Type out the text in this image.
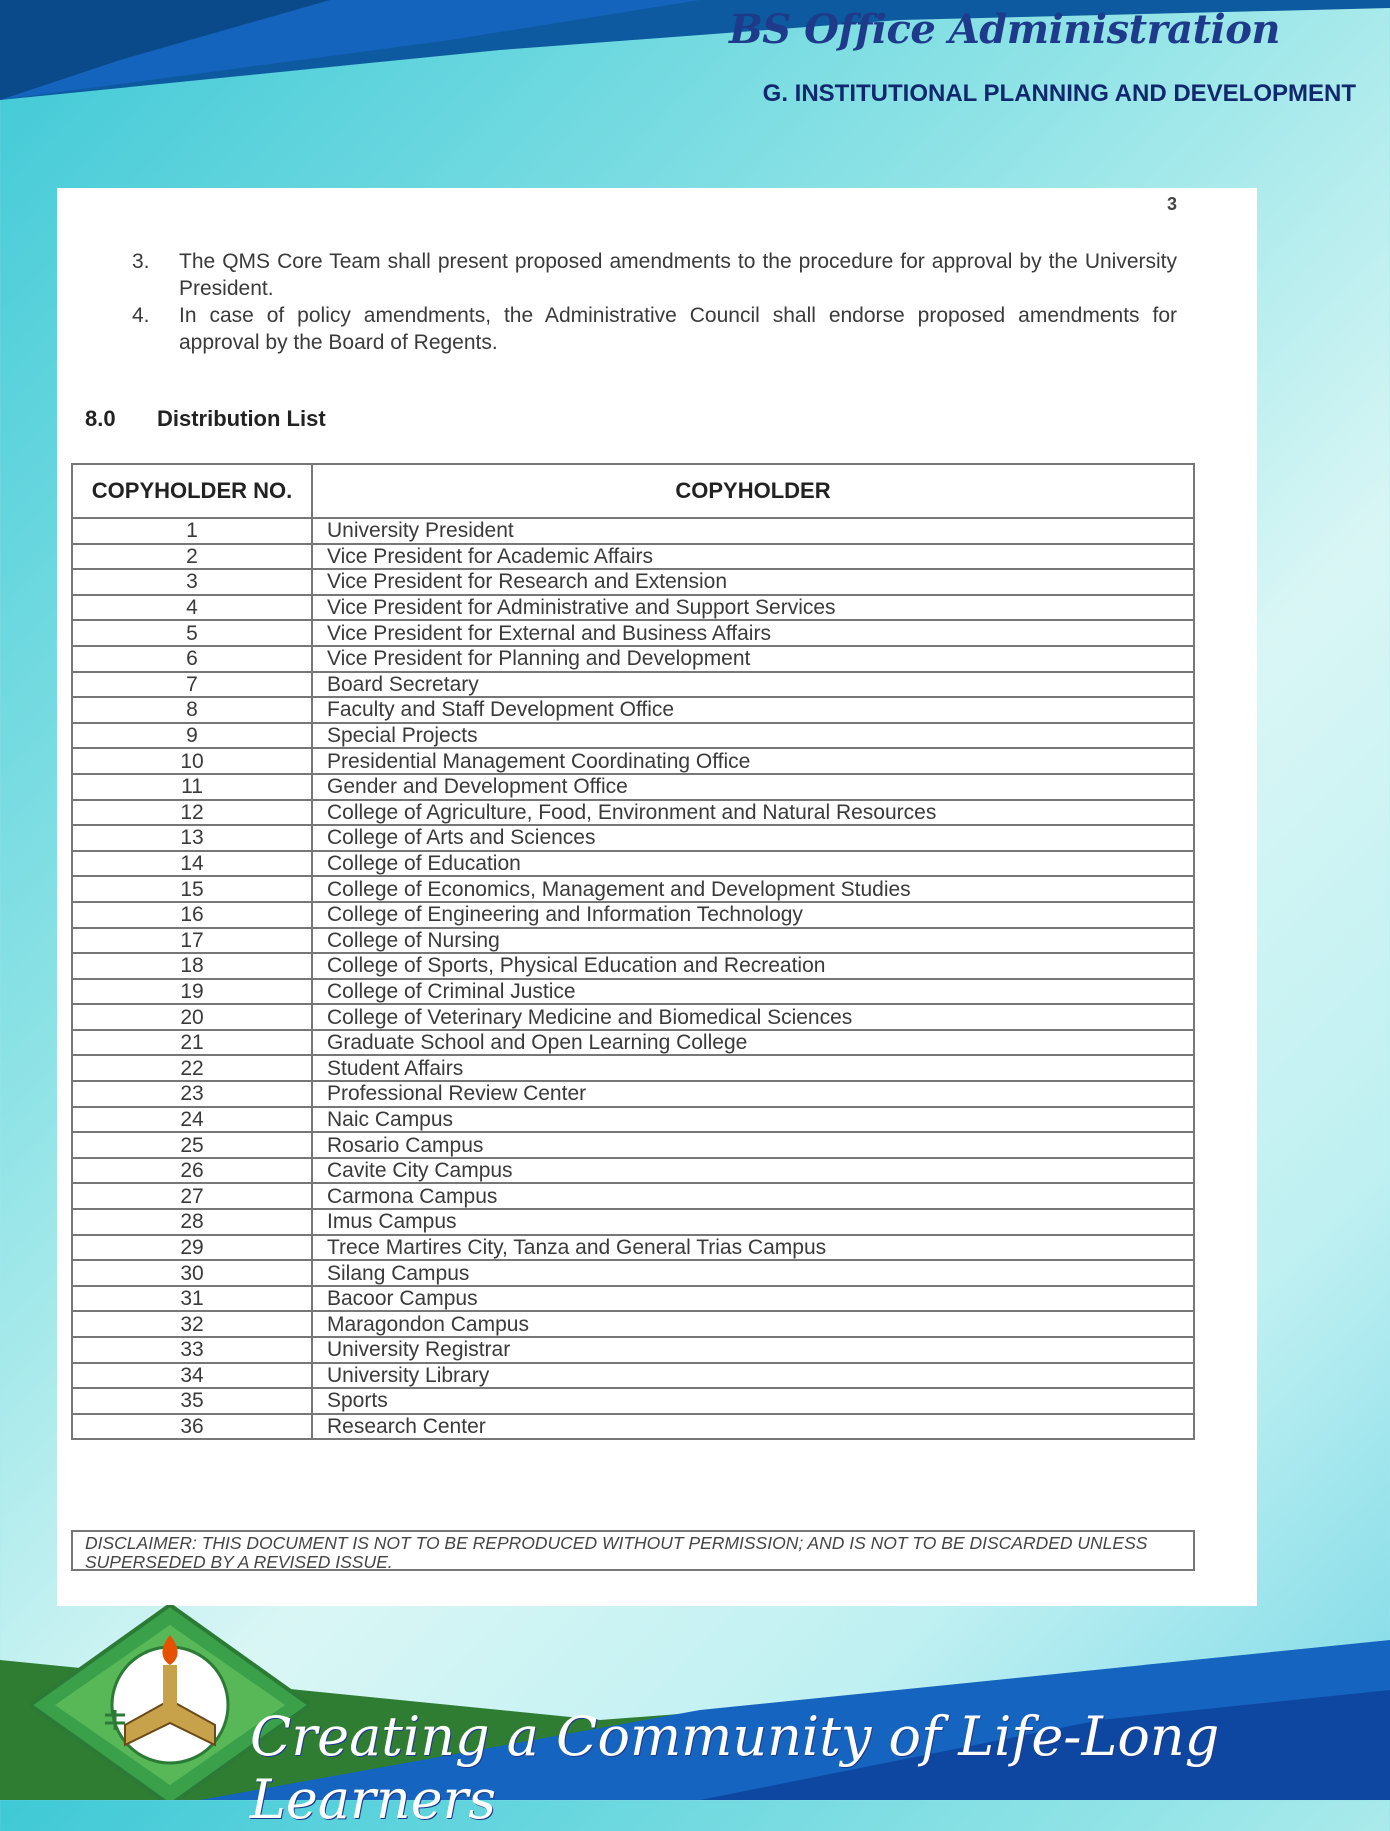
BS Office Administration
G. INSTITUTIONAL PLANNING AND DEVELOPMENT
3
3.	The QMS Core Team shall present proposed amendments to the procedure for approval by the University President.
4.	In case of policy amendments, the Administrative Council shall endorse proposed amendments for approval by the Board of Regents.
8.0 Distribution List
COPYHOLDER NO.	COPYHOLDER
1	University President
2	Vice President for Academic Affairs
3	Vice President for Research and Extension
4	Vice President for Administrative and Support Services
5	Vice President for External and Business Affairs
6	Vice President for Planning and Development
7	Board Secretary
8	Faculty and Staff Development Office
9	Special Projects
10	Presidential Management Coordinating Office
11	Gender and Development Office
12	College of Agriculture, Food, Environment and Natural Resources
13	College of Arts and Sciences
14	College of Education
15	College of Economics, Management and Development Studies
16	College of Engineering and Information Technology
17	College of Nursing
18	College of Sports, Physical Education and Recreation
19	College of Criminal Justice
20	College of Veterinary Medicine and Biomedical Sciences
21	Graduate School and Open Learning College
22	Student Affairs
23	Professional Review Center
24	Naic Campus
25	Rosario Campus
26	Cavite City Campus
27	Carmona Campus
28	Imus Campus
29	Trece Martires City, Tanza and General Trias Campus
30	Silang Campus
31	Bacoor Campus
32	Maragondon Campus
33	University Registrar
34	University Library
35	Sports
36	Research Center
DISCLAIMER: THIS DOCUMENT IS NOT TO BE REPRODUCED WITHOUT PERMISSION; AND IS NOT TO BE DISCARDED UNLESS SUPERSEDED BY A REVISED ISSUE.
Creating a Community of Life-Long Learners
